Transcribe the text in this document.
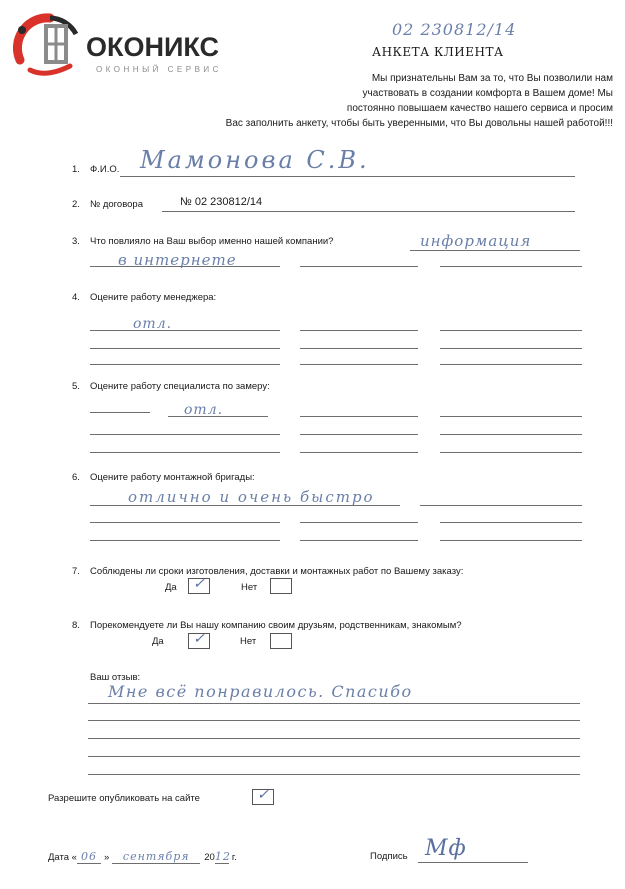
ОКОНИКС
ОКОННЫЙ СЕРВИС
02 230812/14
АНКЕТА КЛИЕНТА
Мы признательны Вам за то, что Вы позволили нам
участвовать в создании комфорта в Вашем доме! Мы
постоянно повышаем качество нашего сервиса и просим
Вас заполнить анкету, чтобы быть уверенными, что Вы довольны нашей работой!!!
1. Ф.И.О. Мамонова С.В.
2. № договора	№ 02 230812/14
3. Что повлияло на Ваш выбор именно нашей компании?	информация
в интернете
4. Оцените работу менеджера:
отл.
5. Оцените работу специалиста по замеру:
отл.
6. Оцените работу монтажной бригады:
отлично и очень быстро
7. Соблюдены ли сроки изготовления, доставки и монтажных работ по Вашему заказу:
Да ✓	Нет
8. Порекомендуете ли Вы нашу компанию своим друзьям, родственникам, знакомым?
Да ✓	Нет
Ваш отзыв:
Мне всё понравилось. Спасибо
Разрешите опубликовать на сайте	✓
Дата « 06 » сентября 2012г.	Подпись Мф
